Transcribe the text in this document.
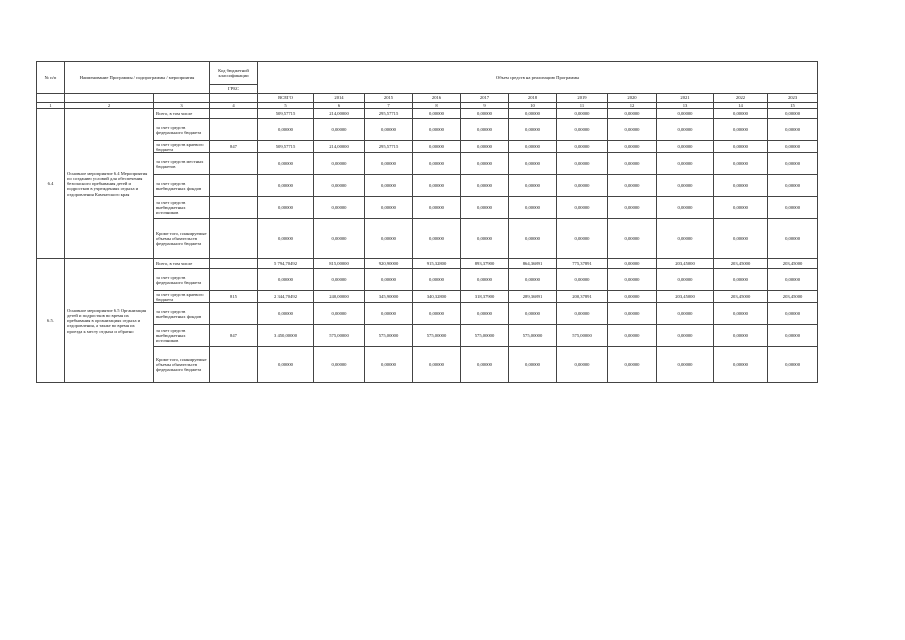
№ п/п	Наименование Программы / подпрограммы / мероприятия		Код бюджетной классификации	Объем средств на реализацию Программы										
			ГРБС											
				ВСЕГО	2014	2015	2016	2017	2018	2019	2020	2021	2022	2023
1	2	3	4	5	6	7	8	9	10	11	12	13	14	15
6.4	Основное мероприятие 6.4 Мероприятия по созданию условий для обеспечения безопасного пребывания детей и подростков в учреждениях отдыха и оздоровления Камчатского края	Всего, в том числе		509,57715	214,00000	295,57715	0,00000	0,00000	0,00000	0,00000	0,00000	0,00000	0,00000	0,00000
		за счет средств федерального бюджета		0,00000	0,00000	0,00000	0,00000	0,00000	0,00000	0,00000	0,00000	0,00000	0,00000	0,00000
		за счет средств краевого бюджета	847	509,57715	214,00000	295,57715	0,00000	0,00000	0,00000	0,00000	0,00000	0,00000	0,00000	0,00000
		за счет средств местных бюджетов		0,00000	0,00000	0,00000	0,00000	0,00000	0,00000	0,00000	0,00000	0,00000	0,00000	0,00000
		за счет средств внебюджетных фондов		0,00000	0,00000	0,00000	0,00000	0,00000	0,00000	0,00000	0,00000	0,00000	0,00000	0,00000
		за счет средств внебюджетных источников		0,00000	0,00000	0,00000	0,00000	0,00000	0,00000	0,00000	0,00000	0,00000	0,00000	0,00000
		Кроме того, планируемые объемы обязательств федерального бюджета		0,00000	0,00000	0,00000	0,00000	0,00000	0,00000	0,00000	0,00000	0,00000	0,00000	0,00000
6.5.	Основное мероприятие 6.5 Организация детей и подростков во время их пребывания в организациях отдыха и оздоровления, а также во время их проезда к месту отдыха и обратно	Всего, в том числе		5 794,70492	815,00000	920,90000	915,32800	893,37900	864,36891	775,37891	0,00000	203,45000	203,45000	203,45000
		за счет средств федерального бюджета		0,00000	0,00000	0,00000	0,00000	0,00000	0,00000	0,00000	0,00000	0,00000	0,00000	0,00000
		за счет средств краевого бюджета	815	2 344,70492	240,00000	345,90000	340,32800	318,37900	289,36891	200,37891	0,00000	203,45000	203,45000	203,45000
		за счет средств внебюджетных фондов		0,00000	0,00000	0,00000	0,00000	0,00000	0,00000	0,00000	0,00000	0,00000	0,00000	0,00000
		за счет средств внебюджетных источников	847	3 450,00000	575,00000	575,00000	575,00000	575,00000	575,00000	575,00000	0,00000	0,00000	0,00000	0,00000
		Кроме того, планируемые объемы обязательств федерального бюджета		0,00000	0,00000	0,00000	0,00000	0,00000	0,00000	0,00000	0,00000	0,00000	0,00000	0,00000
